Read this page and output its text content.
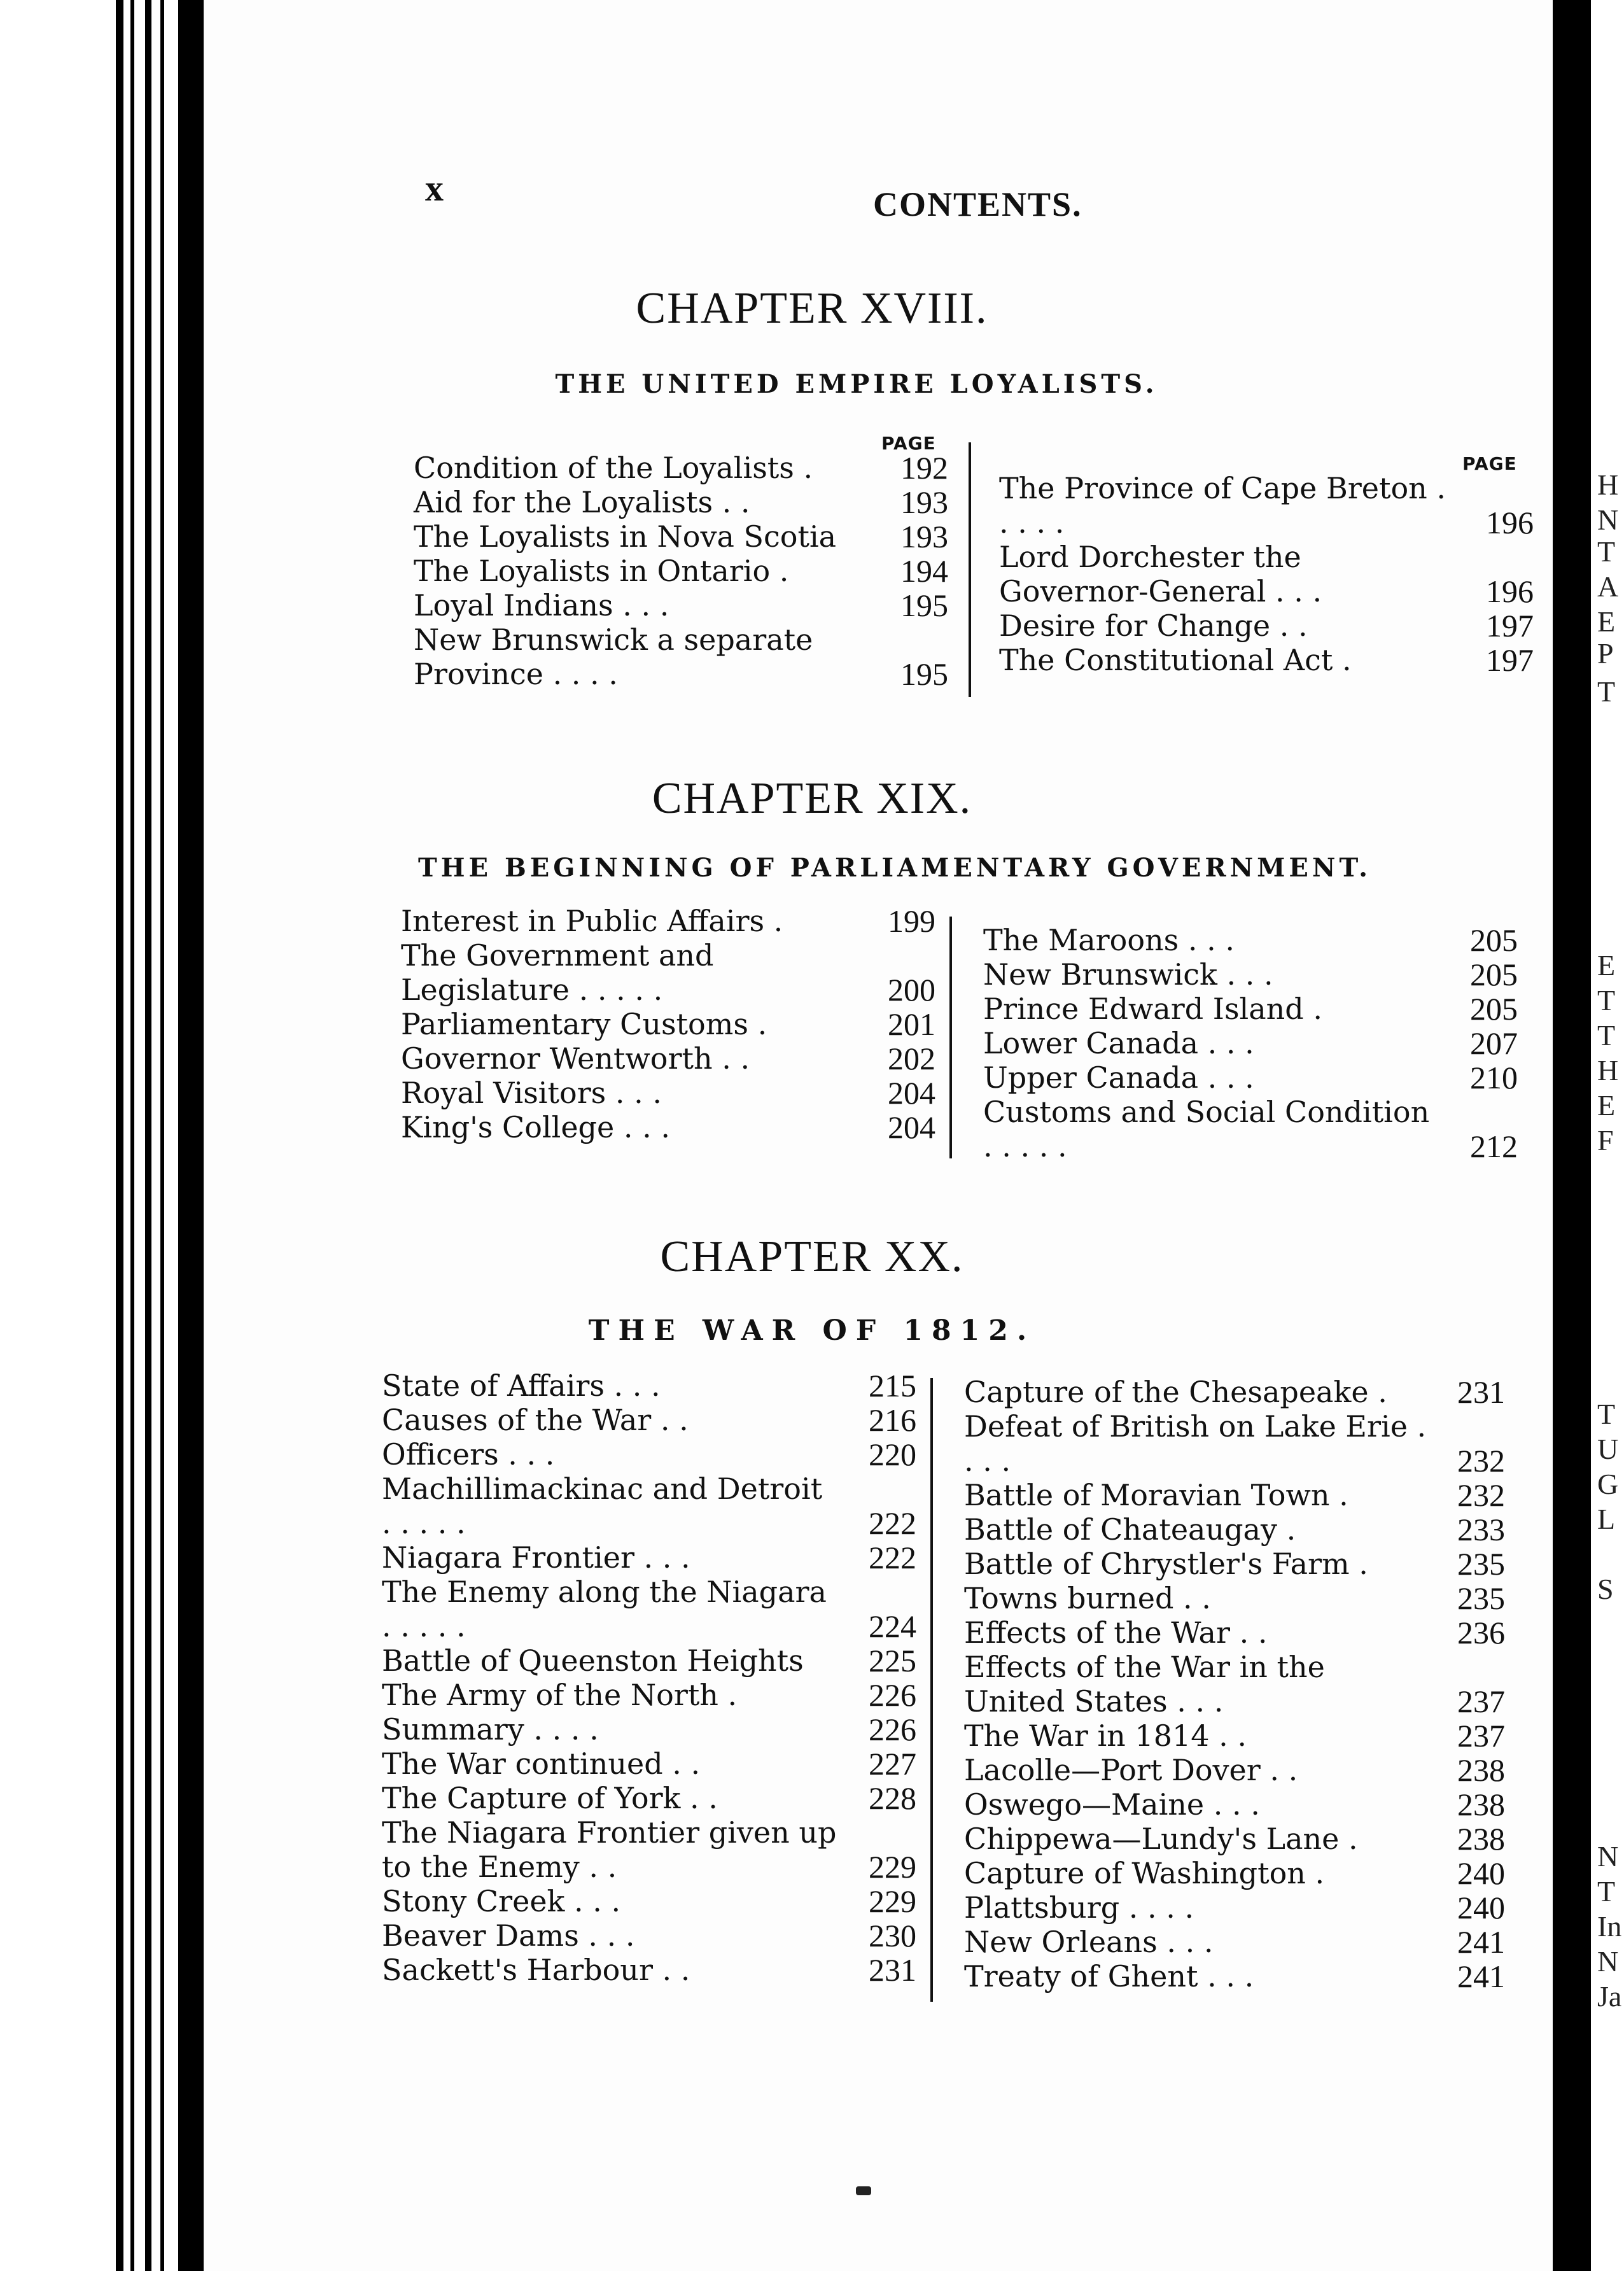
x	CONTENTS.
CHAPTER XVIII.
THE UNITED EMPIRE LOYALISTS.
PAGE
PAGE
Condition of the Loyalists .	192
Aid for the Loyalists . .	193
The Loyalists in Nova Scotia	193
The Loyalists in Ontario .	194
Loyal Indians . . .	195
New Brunswick a separate Province . . . .	195
The Province of Cape Breton . . . . .	196
Lord Dorchester the Governor-General . . .	196
Desire for Change . .	197
The Constitutional Act .	197
CHAPTER XIX.
THE BEGINNING OF PARLIAMENTARY GOVERNMENT.
Interest in Public Affairs .	199
The Government and Legislature . . . . .	200
Parliamentary Customs .	201
Governor Wentworth . .	202
Royal Visitors . . .	204
King's College . . .	204
The Maroons . . .	205
New Brunswick . . .	205
Prince Edward Island .	205
Lower Canada . . .	207
Upper Canada . . .	210
Customs and Social Condition . . . . .	212
CHAPTER XX.
THE WAR OF 1812.
State of Affairs . . .	215
Causes of the War . .	216
Officers . . .	220
Machillimackinac and Detroit . . . . .	222
Niagara Frontier . . .	222
The Enemy along the Niagara . . . . .	224
Battle of Queenston Heights	225
The Army of the North .	226
Summary . . . .	226
The War continued . .	227
The Capture of York . .	228
The Niagara Frontier given up to the Enemy . .	229
Stony Creek . . .	229
Beaver Dams . . .	230
Sackett's Harbour . .	231
Capture of the Chesapeake .	231
Defeat of British on Lake Erie . . . .	232
Battle of Moravian Town .	232
Battle of Chateaugay .	233
Battle of Chrystler's Farm .	235
Towns burned . .	235
Effects of the War . .	236
Effects of the War in the United States . . .	237
The War in 1814 . .	237
Lacolle—Port Dover . .	238
Oswego—Maine . . .	238
Chippewa—Lundy's Lane .	238
Capture of Washington .	240
Plattsburg . . . .	240
New Orleans . . .	241
Treaty of Ghent . . .	241
H
N
T
A
E
P
T
E
T
T
H
E
F
T
U
G
L
S
N
T
In
N
Ja
